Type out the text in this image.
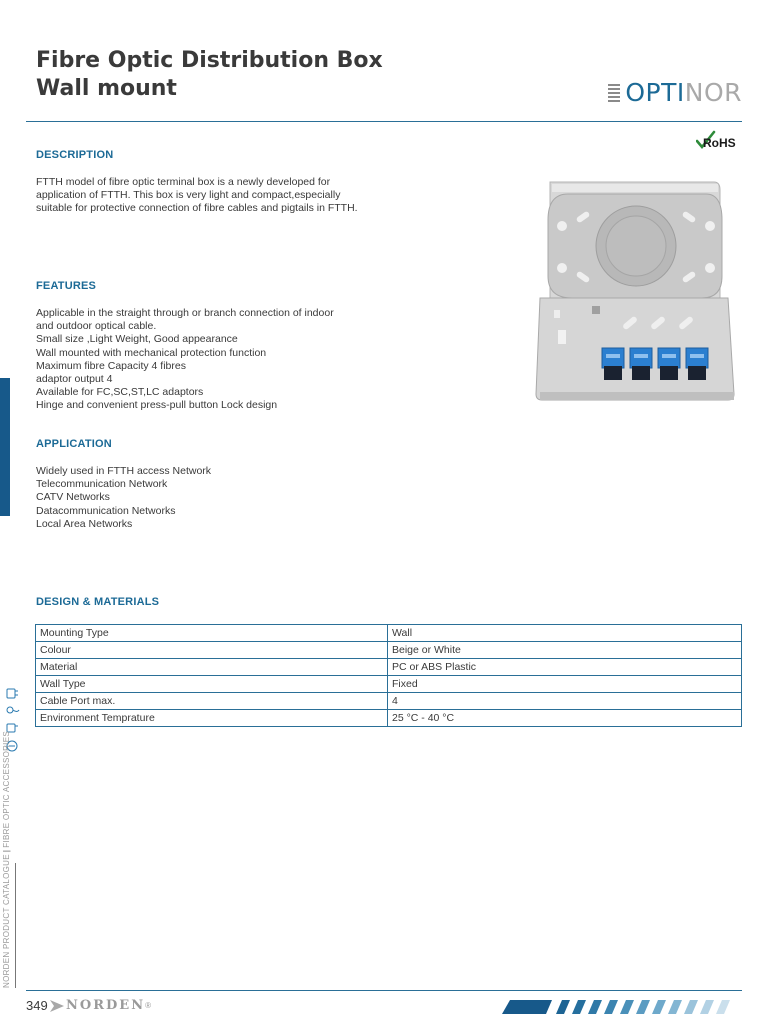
Fibre Optic Distribution Box
Wall mount	OPTINOR
RoHS
NORDEN PRODUCT CATALOGUE|FIBRE OPTIC ACCESSORIES
DESCRIPTION
FTTH model of fibre optic terminal box is a newly developed for application of FTTH. This box is very light and compact,especially suitable for protective connection of fibre cables and pigtails in FTTH.
FEATURES
Applicable in the straight through or branch connection of indoor
and outdoor optical cable.
Small size ,Light Weight, Good appearance
Wall mounted with mechanical protection function
Maximum fibre Capacity 4 fibres
adaptor output 4
Available for FC,SC,ST,LC adaptors
Hinge and convenient press-pull button Lock design
APPLICATION
Widely used in FTTH access Network
Telecommunication Network
CATV Networks
Datacommunication Networks
Local Area Networks
DESIGN & MATERIALS
Mounting Type	Wall
Colour	Beige or White
Material	PC or ABS Plastic
Wall Type	Fixed
Cable Port max.	4
Environment Temprature	25 °C - 40 °C
349 NORDEN ®
